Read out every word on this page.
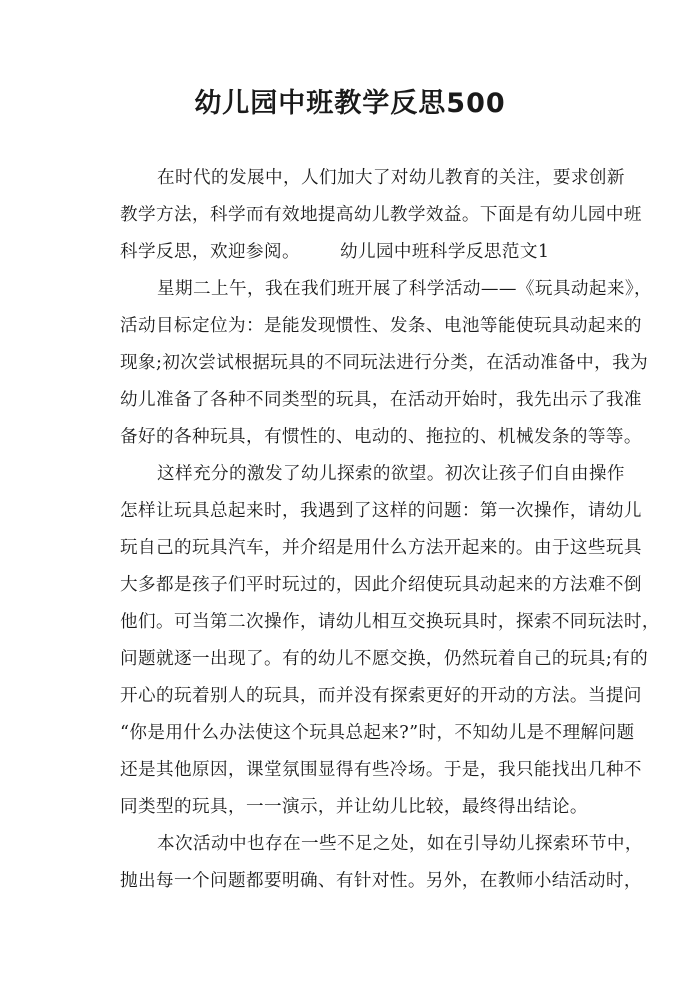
幼儿园中班教学反思500
在时代的发展中，人们加大了对幼儿教育的关注，要求创新
教学方法，科学而有效地提高幼儿教学效益。下面是有幼儿园中班
科学反思，欢迎参阅。 幼儿园中班科学反思范文1
星期二上午，我在我们班开展了科学活动——《玩具动起来》，
活动目标定位为：是能发现惯性、发条、电池等能使玩具动起来的
现象;初次尝试根据玩具的不同玩法进行分类，在活动准备中，我为
幼儿准备了各种不同类型的玩具，在活动开始时，我先出示了我准
备好的各种玩具，有惯性的、电动的、拖拉的、机械发条的等等。
这样充分的激发了幼儿探索的欲望。初次让孩子们自由操作
怎样让玩具总起来时，我遇到了这样的问题：第一次操作，请幼儿
玩自己的玩具汽车，并介绍是用什么方法开起来的。由于这些玩具
大多都是孩子们平时玩过的，因此介绍使玩具动起来的方法难不倒
他们。可当第二次操作，请幼儿相互交换玩具时，探索不同玩法时，
问题就逐一出现了。有的幼儿不愿交换，仍然玩着自己的玩具;有的
开心的玩着别人的玩具，而并没有探索更好的开动的方法。当提问
“你是用什么办法使这个玩具总起来?”时，不知幼儿是不理解问题
还是其他原因，课堂氛围显得有些冷场。于是，我只能找出几种不
同类型的玩具，一一演示，并让幼儿比较，最终得出结论。
本次活动中也存在一些不足之处，如在引导幼儿探索环节中，
抛出每一个问题都要明确、有针对性。另外，在教师小结活动时，
